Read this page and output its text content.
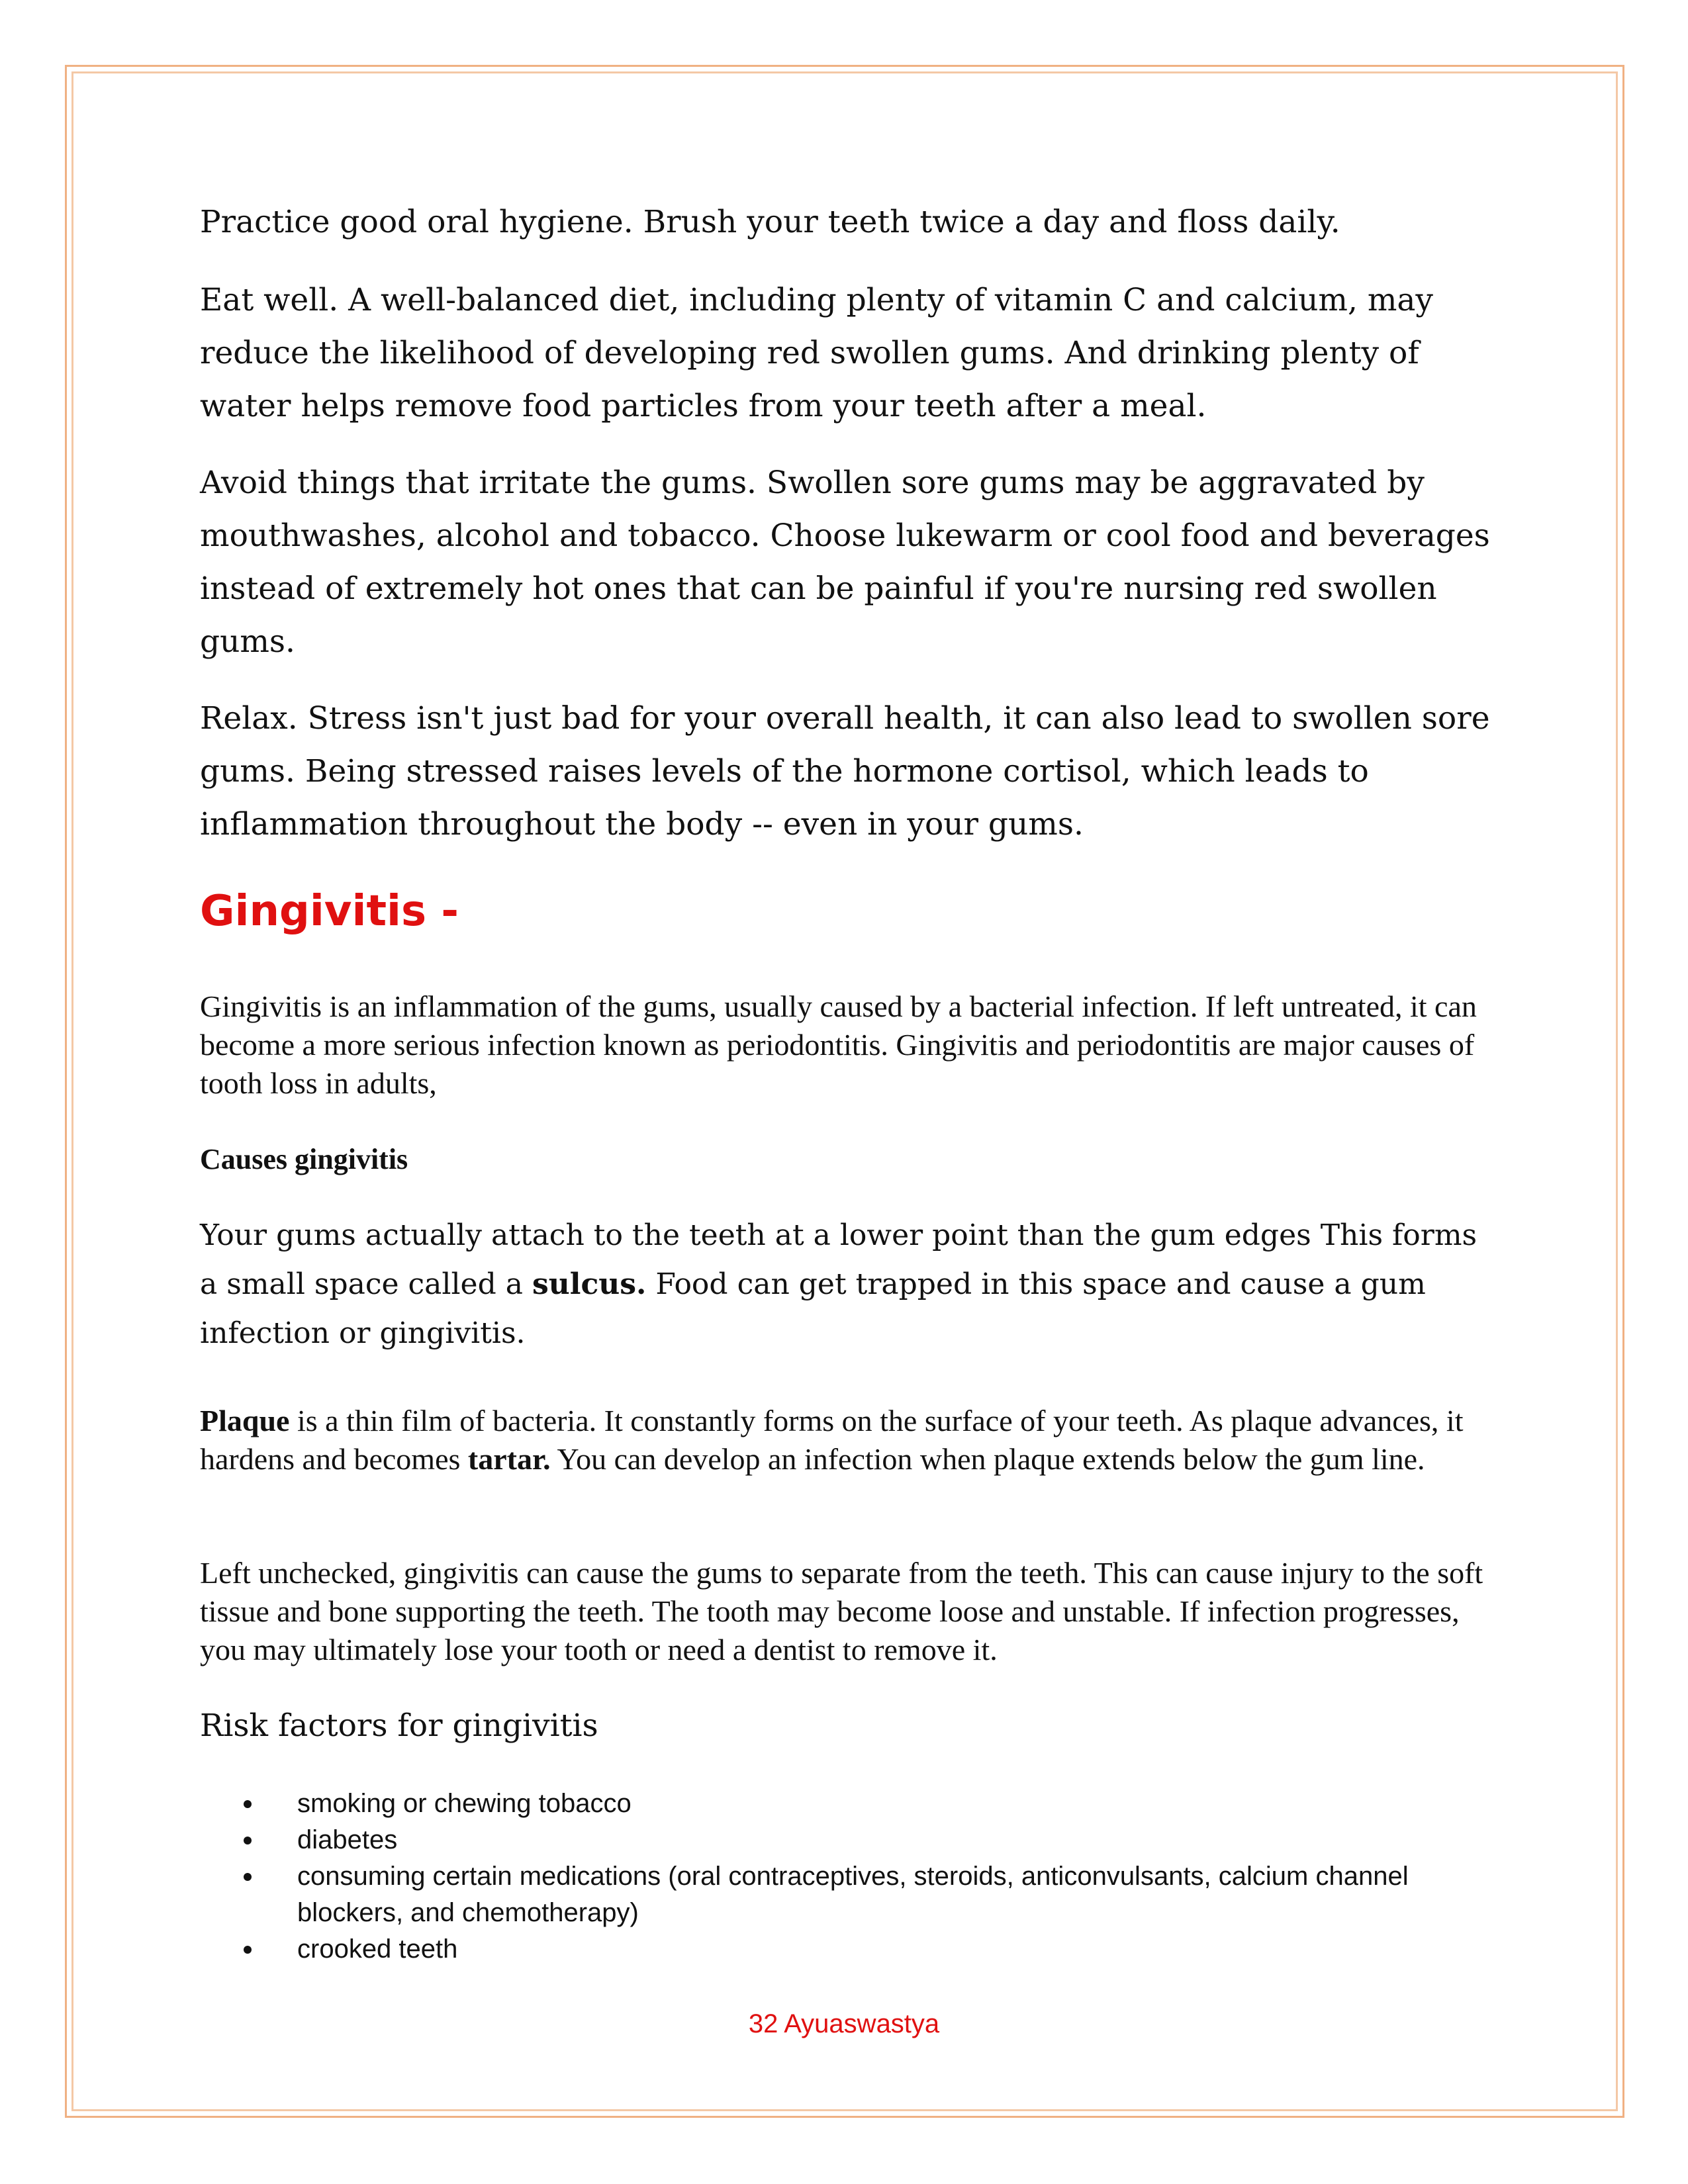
Practice good oral hygiene. Brush your teeth twice a day and floss daily.

Eat well. A well-balanced diet, including plenty of vitamin C and calcium, may reduce the likelihood of developing red swollen gums. And drinking plenty of water helps remove food particles from your teeth after a meal.

Avoid things that irritate the gums. Swollen sore gums may be aggravated by mouthwashes, alcohol and tobacco. Choose lukewarm or cool food and beverages instead of extremely hot ones that can be painful if you're nursing red swollen gums.

Relax. Stress isn't just bad for your overall health, it can also lead to swollen sore gums. Being stressed raises levels of the hormone cortisol, which leads to inflammation throughout the body -- even in your gums.

Gingivitis -

Gingivitis is an inflammation of the gums, usually caused by a bacterial infection. If left untreated, it can become a more serious infection known as periodontitis. Gingivitis and periodontitis are major causes of tooth loss in adults,

Causes gingivitis

Your gums actually attach to the teeth at a lower point than the gum edges This forms a small space called a sulcus. Food can get trapped in this space and cause a gum infection or gingivitis.

Plaque is a thin film of bacteria. It constantly forms on the surface of your teeth. As plaque advances, it hardens and becomes tartar. You can develop an infection when plaque extends below the gum line.

Left unchecked, gingivitis can cause the gums to separate from the teeth. This can cause injury to the soft tissue and bone supporting the teeth. The tooth may become loose and unstable. If infection progresses, you may ultimately lose your tooth or need a dentist to remove it.

Risk factors for gingivitis

smoking or chewing tobacco
diabetes
consuming certain medications (oral contraceptives, steroids, anticonvulsants, calcium channel blockers, and chemotherapy)
crooked teeth
32 Ayuaswastya
